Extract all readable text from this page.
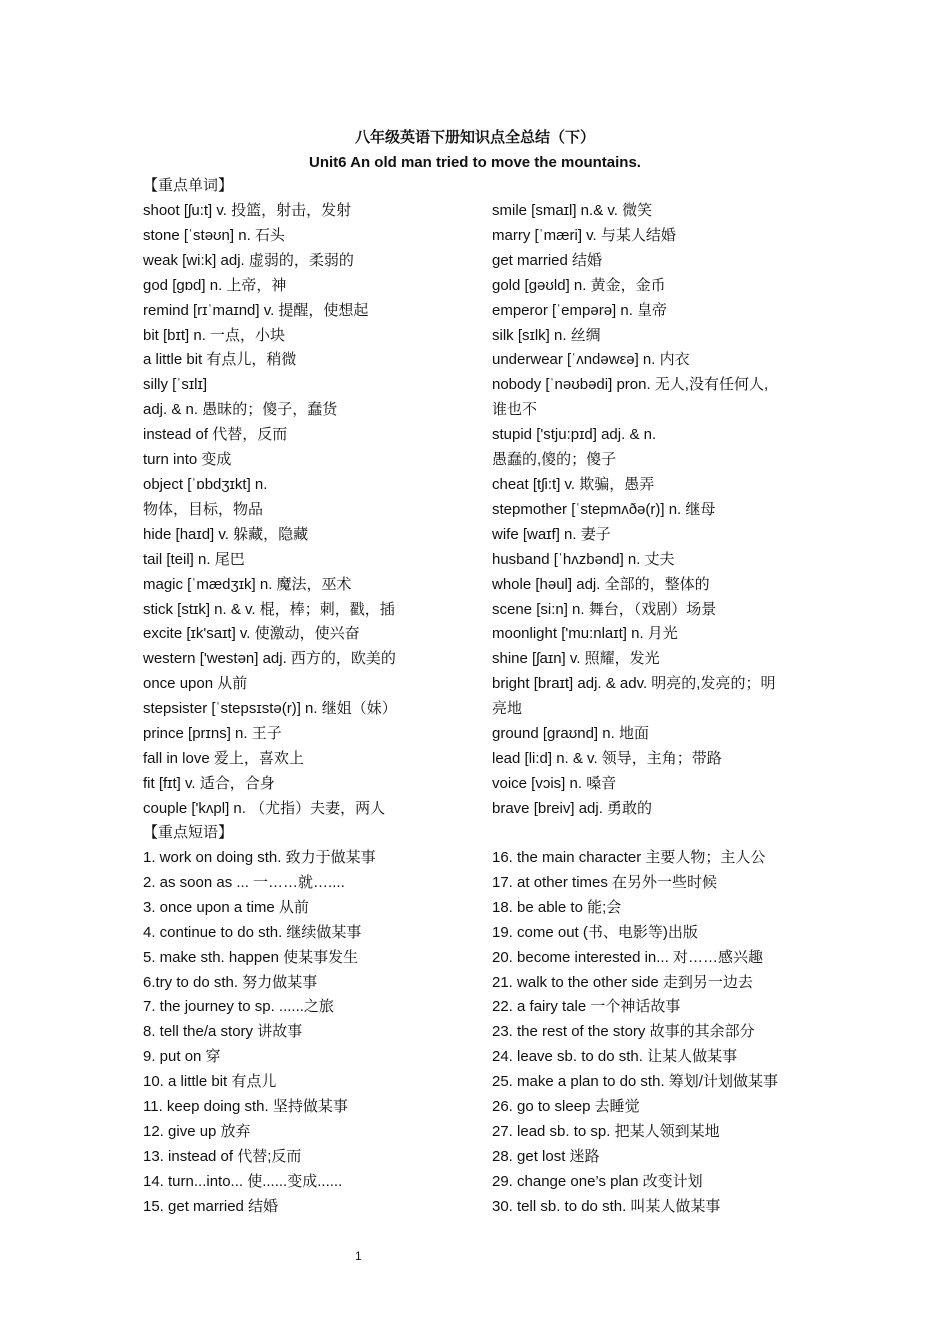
八年级英语下册知识点全总结（下）
Unit6 An old man tried to move the mountains.
【重点单词】
shoot [ʃu:t] v. 投篮，射击，发射
stone [ˈstəʊn] n. 石头
weak [wi:k] adj. 虚弱的，柔弱的
god [gɒd] n. 上帝，神
remind [rɪˈmaɪnd] v. 提醒，使想起
bit [bɪt] n. 一点，小块
a little bit 有点儿，稍微
silly [ˈsɪlɪ]
adj. & n. 愚昧的；傻子，蠢货
instead of 代替，反而
turn into 变成
object [ˈɒbdʒɪkt] n.
物体，目标，物品
hide [haɪd] v. 躲藏，隐藏
tail [teil] n. 尾巴
magic [ˈmædʒɪk] n. 魔法，巫术
stick [stɪk] n. & v. 棍，棒；刺，戳，插
excite [ɪk'saɪt] v. 使激动，使兴奋
western ['westən] adj. 西方的，欧美的
once upon 从前
stepsister [ˈstepsɪstə(r)] n. 继姐（妹）
prince [prɪns] n. 王子
fall in love 爱上，喜欢上
fit [fɪt] v. 适合，合身
couple ['kʌpl] n. （尤指）夫妻，两人
smile [smaɪl] n.& v. 微笑
marry [ˈmæri] v. 与某人结婚
get married 结婚
gold [gəʊld] n. 黄金，金币
emperor [ˈempərə] n. 皇帝
silk [sɪlk] n. 丝绸
underwear [ˈʌndəwεə] n. 内衣
nobody [ˈnəʊbədi] pron. 无人,没有任何人,
谁也不
stupid ['stju:pɪd] adj. & n.
愚蠢的,傻的；傻子
cheat [tʃi:t] v. 欺骗，愚弄
stepmother [ˈstepmʌðə(r)] n. 继母
wife [waɪf] n. 妻子
husband [ˈhʌzbənd] n. 丈夫
whole [həul] adj. 全部的，整体的
scene [si:n] n. 舞台，（戏剧）场景
moonlight ['mu:nlaɪt] n. 月光
shine [ʃaɪn] v. 照耀，发光
bright [braɪt] adj. & adv. 明亮的,发亮的；明
亮地
ground [graʊnd] n. 地面
lead [li:d] n. & v. 领导，主角；带路
voice [vɔis] n. 嗓音
brave [breiv] adj. 勇敢的
【重点短语】
1. work on doing sth. 致力于做某事
2. as soon as ... 一……就…....
3. once upon a time 从前
4. continue to do sth. 继续做某事
5. make sth. happen 使某事发生
6.try to do sth. 努力做某事
7. the journey to sp. ......之旅
8. tell the/a story 讲故事
9. put on 穿
10. a little bit 有点儿
11. keep doing sth. 坚持做某事
12. give up 放弃
13. instead of 代替;反而
14. turn...into... 使......变成......
15. get married 结婚
16. the main character 主要人物；主人公
17. at other times 在另外一些时候
18. be able to 能;会
19. come out (书、电影等)出版
20. become interested in... 对……感兴趣
21. walk to the other side 走到另一边去
22. a fairy tale 一个神话故事
23. the rest of the story 故事的其余部分
24. leave sb. to do sth. 让某人做某事
25. make a plan to do sth. 筹划/计划做某事
26. go to sleep 去睡觉
27. lead sb. to sp. 把某人领到某地
28. get lost 迷路
29. change one’s plan 改变计划
30. tell sb. to do sth. 叫某人做某事
1
